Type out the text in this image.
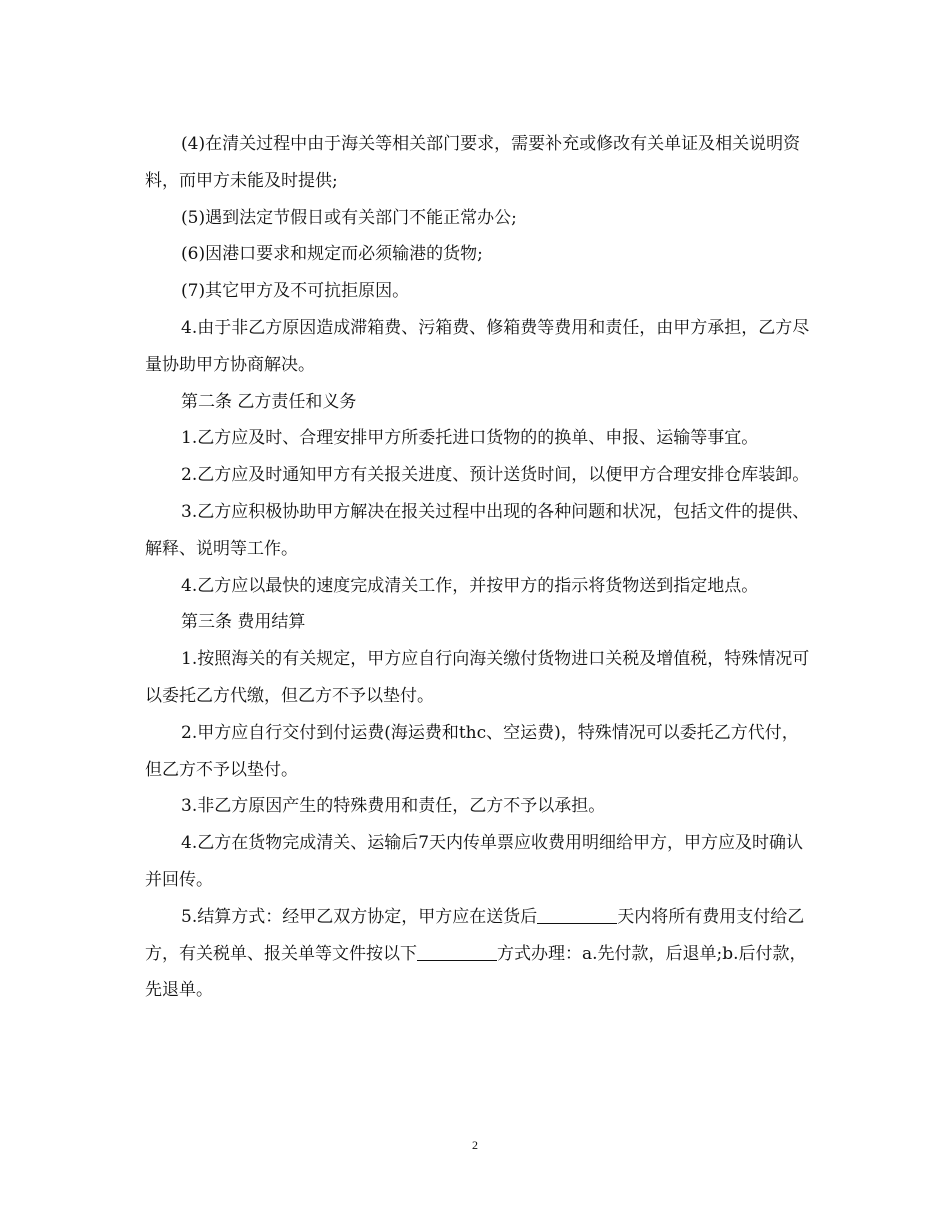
(4)在清关过程中由于海关等相关部门要求，需要补充或修改有关单证及相关说明资料，而甲方未能及时提供;

(5)遇到法定节假日或有关部门不能正常办公;

(6)因港口要求和规定而必须输港的货物;

(7)其它甲方及不可抗拒原因。

4.由于非乙方原因造成滞箱费、污箱费、修箱费等费用和责任，由甲方承担，乙方尽量协助甲方协商解决。

第二条 乙方责任和义务

1.乙方应及时、合理安排甲方所委托进口货物的的换单、申报、运输等事宜。

2.乙方应及时通知甲方有关报关进度、预计送货时间，以便甲方合理安排仓库装卸。

3.乙方应积极协助甲方解决在报关过程中出现的各种问题和状况，包括文件的提供、解释、说明等工作。

4.乙方应以最快的速度完成清关工作，并按甲方的指示将货物送到指定地点。

第三条 费用结算

1.按照海关的有关规定，甲方应自行向海关缴付货物进口关税及增值税，特殊情况可以委托乙方代缴，但乙方不予以垫付。

2.甲方应自行交付到付运费(海运费和thc、空运费)，特殊情况可以委托乙方代付，但乙方不予以垫付。

3.非乙方原因产生的特殊费用和责任，乙方不予以承担。

4.乙方在货物完成清关、运输后7天内传单票应收费用明细给甲方，甲方应及时确认并回传。

5.结算方式：经甲乙双方协定，甲方应在送货后	天内将所有费用支付给乙方，有关税单、报关单等文件按以下	方式办理：a.先付款，后退单;b.后付款，先退单。

2
